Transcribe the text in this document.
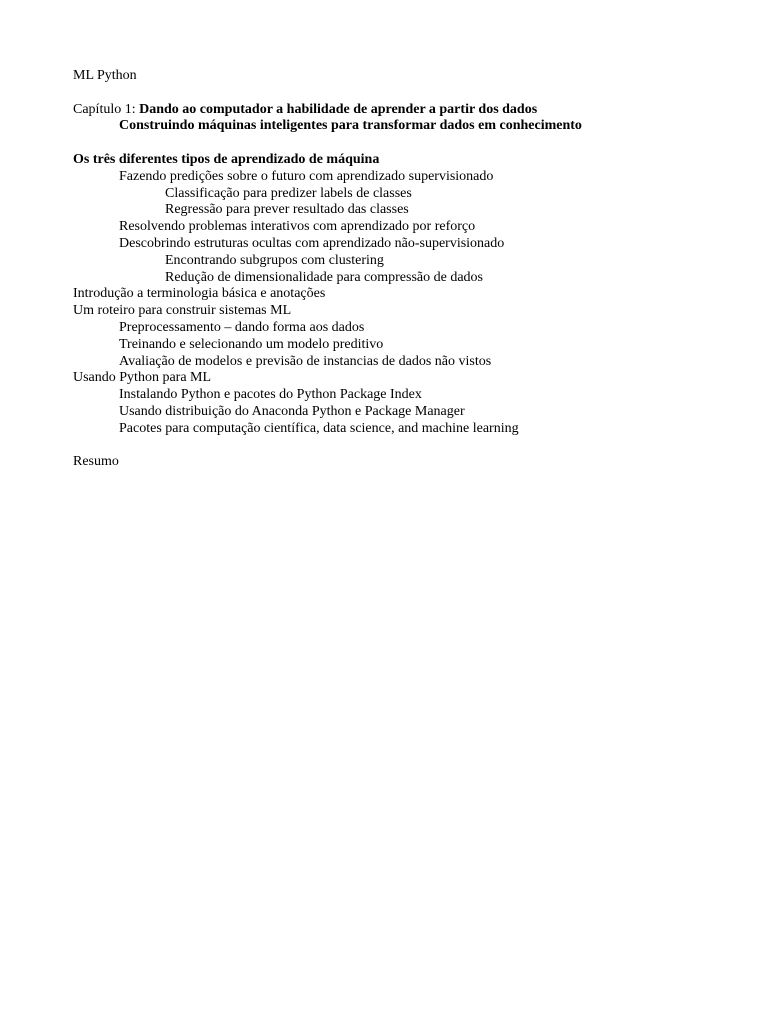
ML Python
Capítulo 1: Dando ao computador a habilidade de aprender a partir dos dados
Construindo máquinas inteligentes para transformar dados em conhecimento
Os três diferentes tipos de aprendizado de máquina
Fazendo predições sobre o futuro com aprendizado supervisionado
Classificação para predizer labels de classes
Regressão para prever resultado das classes
Resolvendo problemas interativos com aprendizado por reforço
Descobrindo estruturas ocultas com aprendizado não-supervisionado
Encontrando subgrupos com clustering
Redução de dimensionalidade para compressão de dados
Introdução a terminologia básica e anotações
Um roteiro para construir sistemas ML
Preprocessamento – dando forma aos dados
Treinando e selecionando um modelo preditivo
Avaliação de modelos e previsão de instancias de dados não vistos
Usando Python para ML
Instalando Python e pacotes do Python Package Index
Usando distribuição do Anaconda Python e Package Manager
Pacotes para computação científica, data science, and machine learning
Resumo
